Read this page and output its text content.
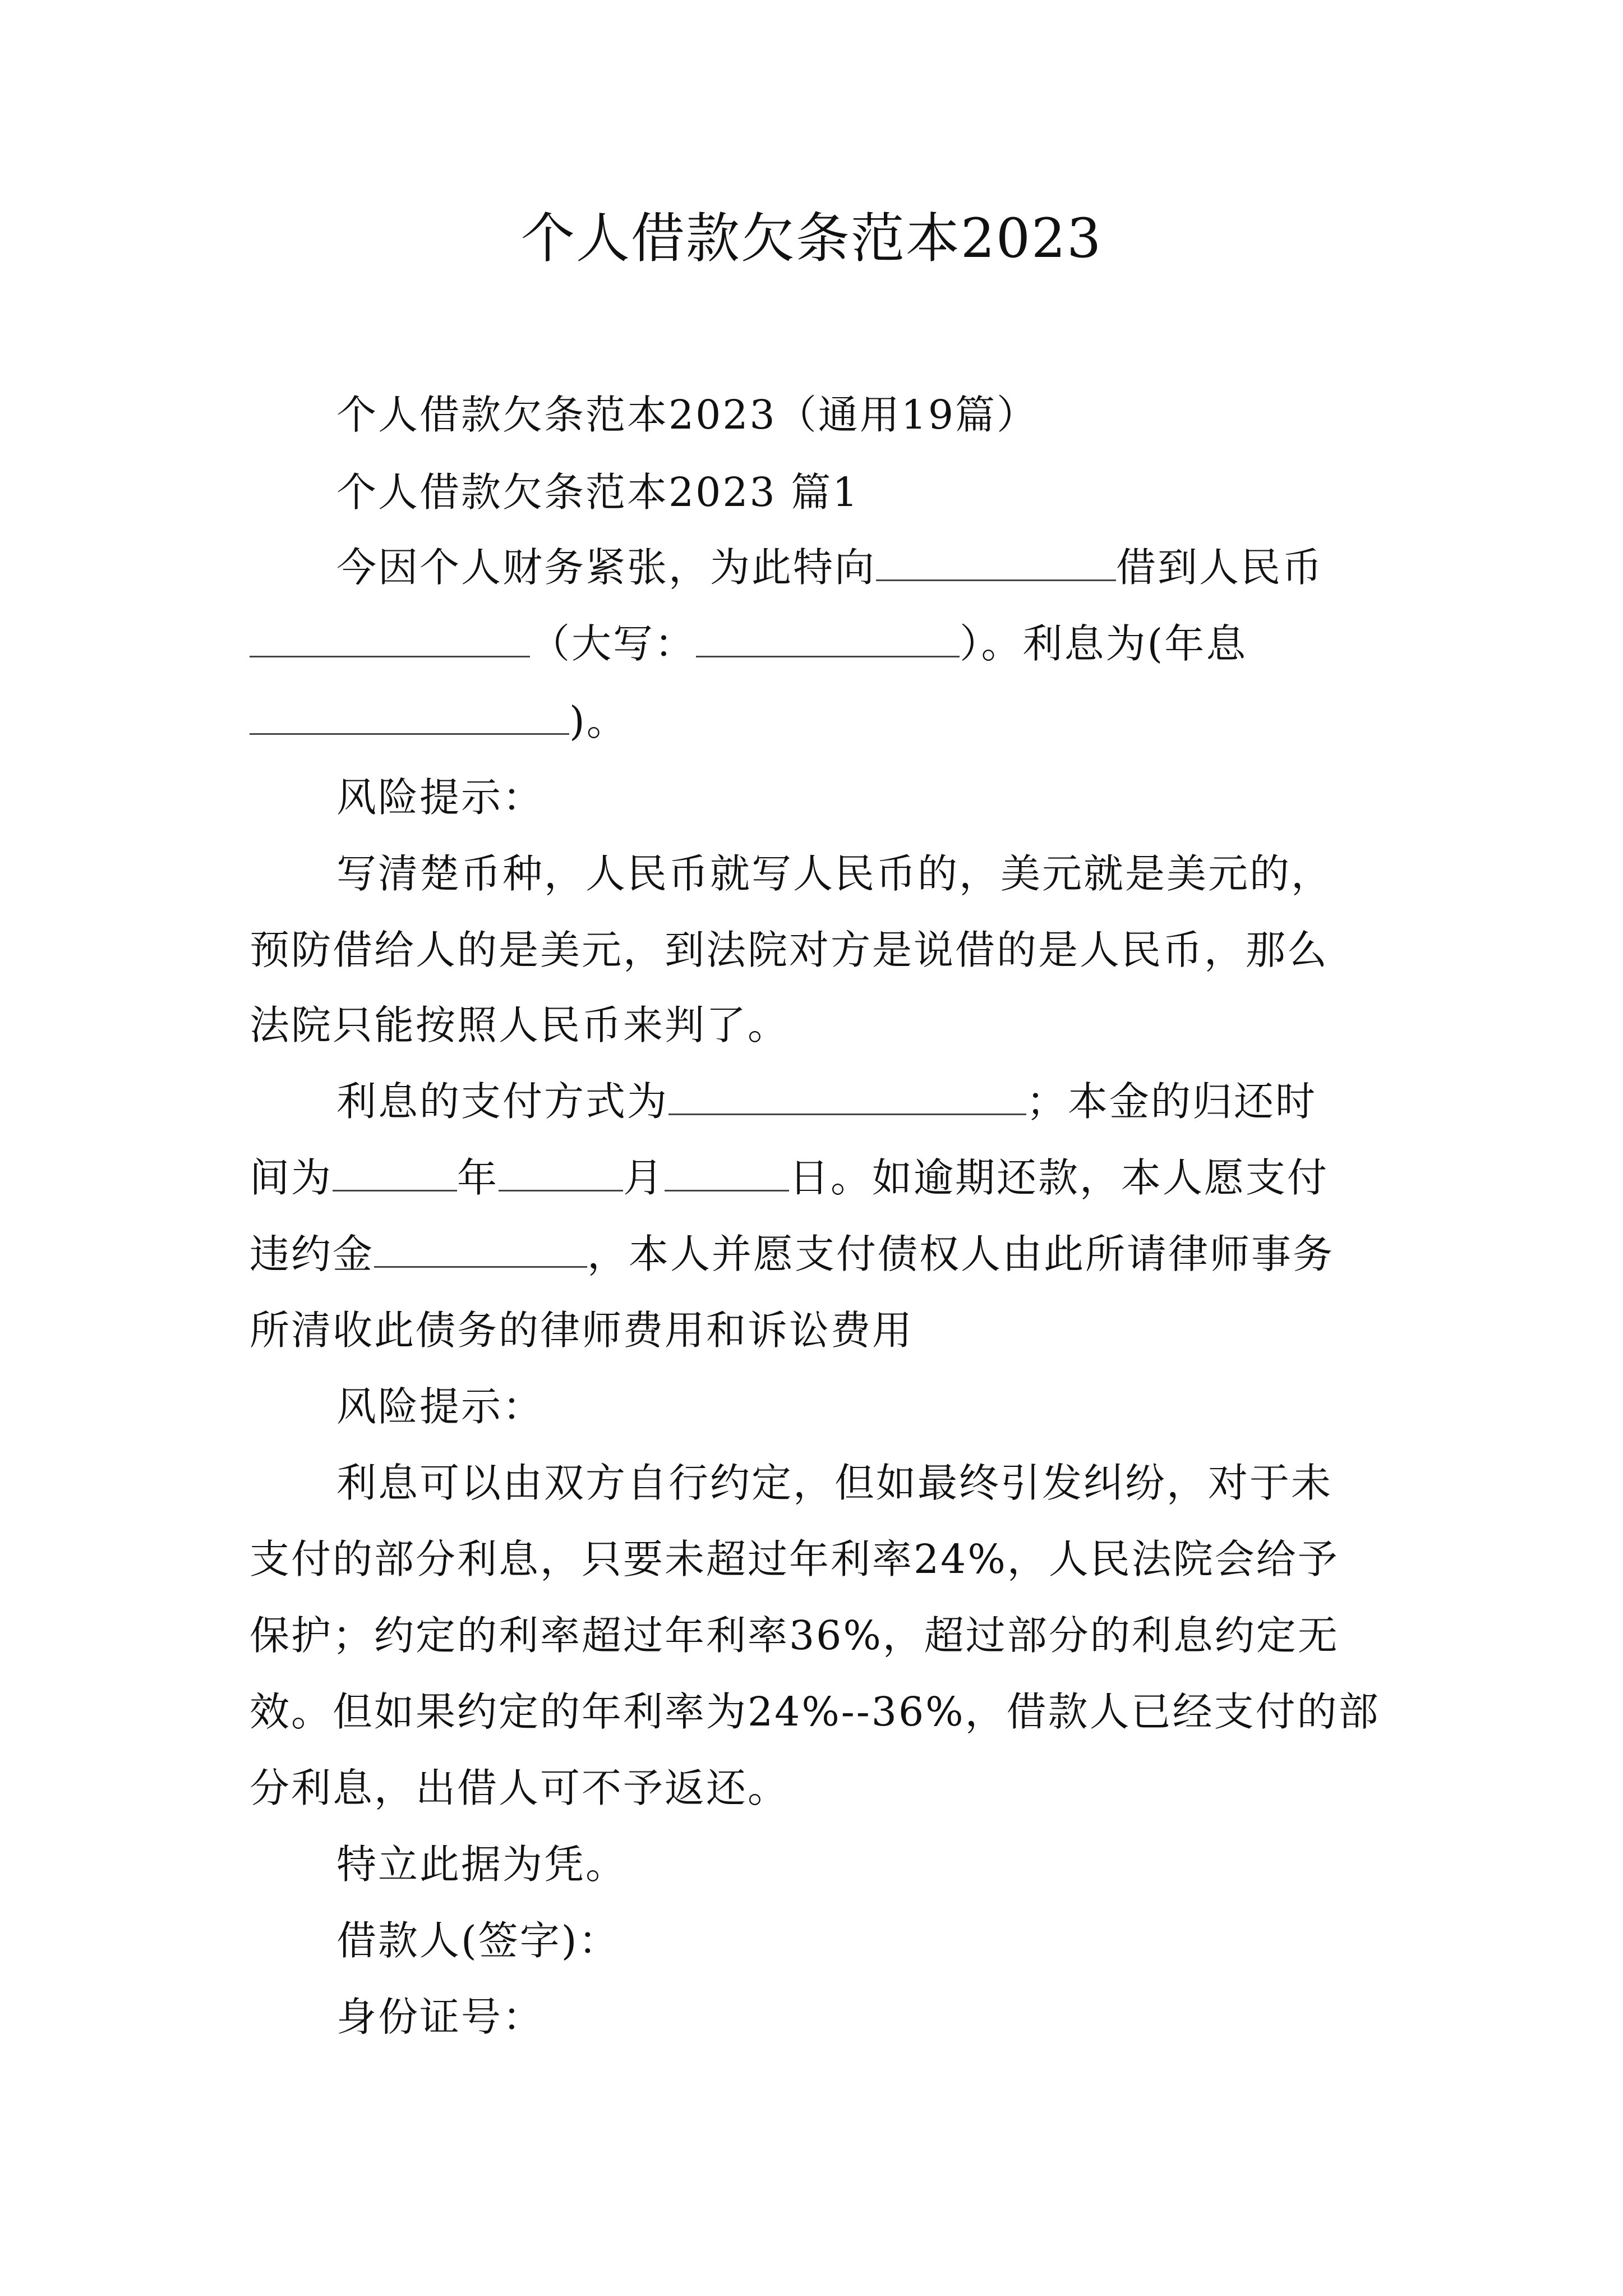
个人借款欠条范本2023
个人借款欠条范本2023（通用19篇）
个人借款欠条范本2023 篇1
今因个人财务紧张，为此特向	借到人民币
（大写：	）。利息为(年息
)。
风险提示：
写清楚币种，人民币就写人民币的，美元就是美元的，
预防借给人的是美元，到法院对方是说借的是人民币，那么
法院只能按照人民币来判了。
利息的支付方式为	；本金的归还时
间为	年	月	日。如逾期还款，本人愿支付
违约金	，本人并愿支付债权人由此所请律师事务
所清收此债务的律师费用和诉讼费用
风险提示：
利息可以由双方自行约定，但如最终引发纠纷，对于未
支付的部分利息，只要未超过年利率24%，人民法院会给予
保护；约定的利率超过年利率36%，超过部分的利息约定无
效。但如果约定的年利率为24%--36%，借款人已经支付的部
分利息，出借人可不予返还。
特立此据为凭。
借款人(签字)：
身份证号：
